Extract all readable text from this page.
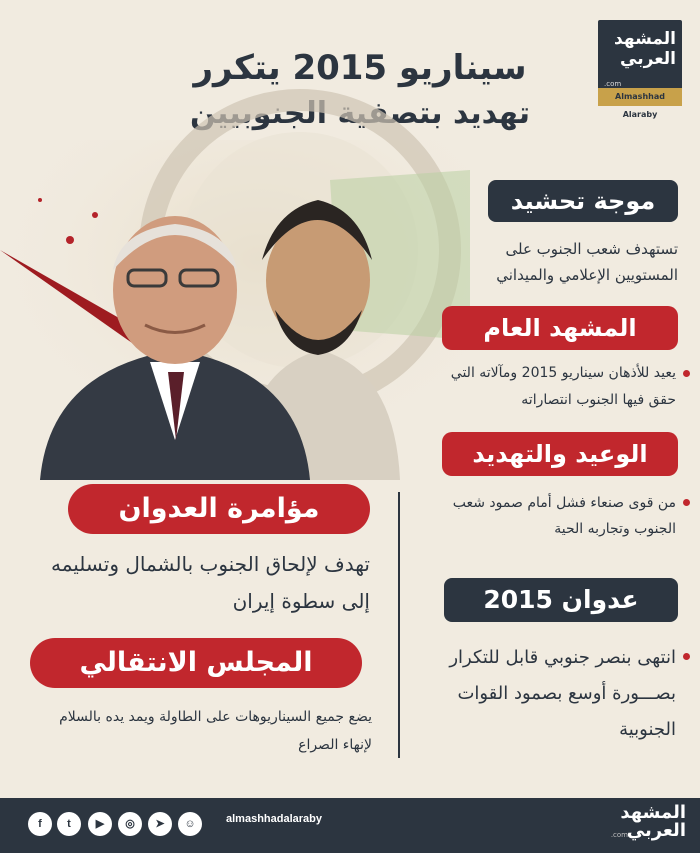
المشهد
العربي
.com
Almashhad Alaraby
سيناريو 2015 يتكرر
تهديد بتصفية الجنوبيين
موجة تحشيد
تستهدف شعب الجنوب على المستويين الإعلامي والميداني
المشهد العام
يعيد للأذهان سيناريو 2015 ومآلاته التي حقق فيها الجنوب انتصاراته
الوعيد والتهديد
من قوى صنعاء فشل أمام صمود شعب الجنوب وتجاربه الحية
عدوان 2015
انتهى بنصر جنوبي قابل للتكرار بصـــورة أوسع بصمود القوات الجنوبية
مؤامرة العدوان
تهدف لإلحاق الجنوب بالشمال وتسليمه إلى سطوة إيران
المجلس الانتقالي
يضع جميع السيناريوهات على الطاولة ويمد يده بالسلام لإنهاء الصراع
f	t	▶	◎	➤	☺	almashhadalaraby	المشهد
العربي
.com
